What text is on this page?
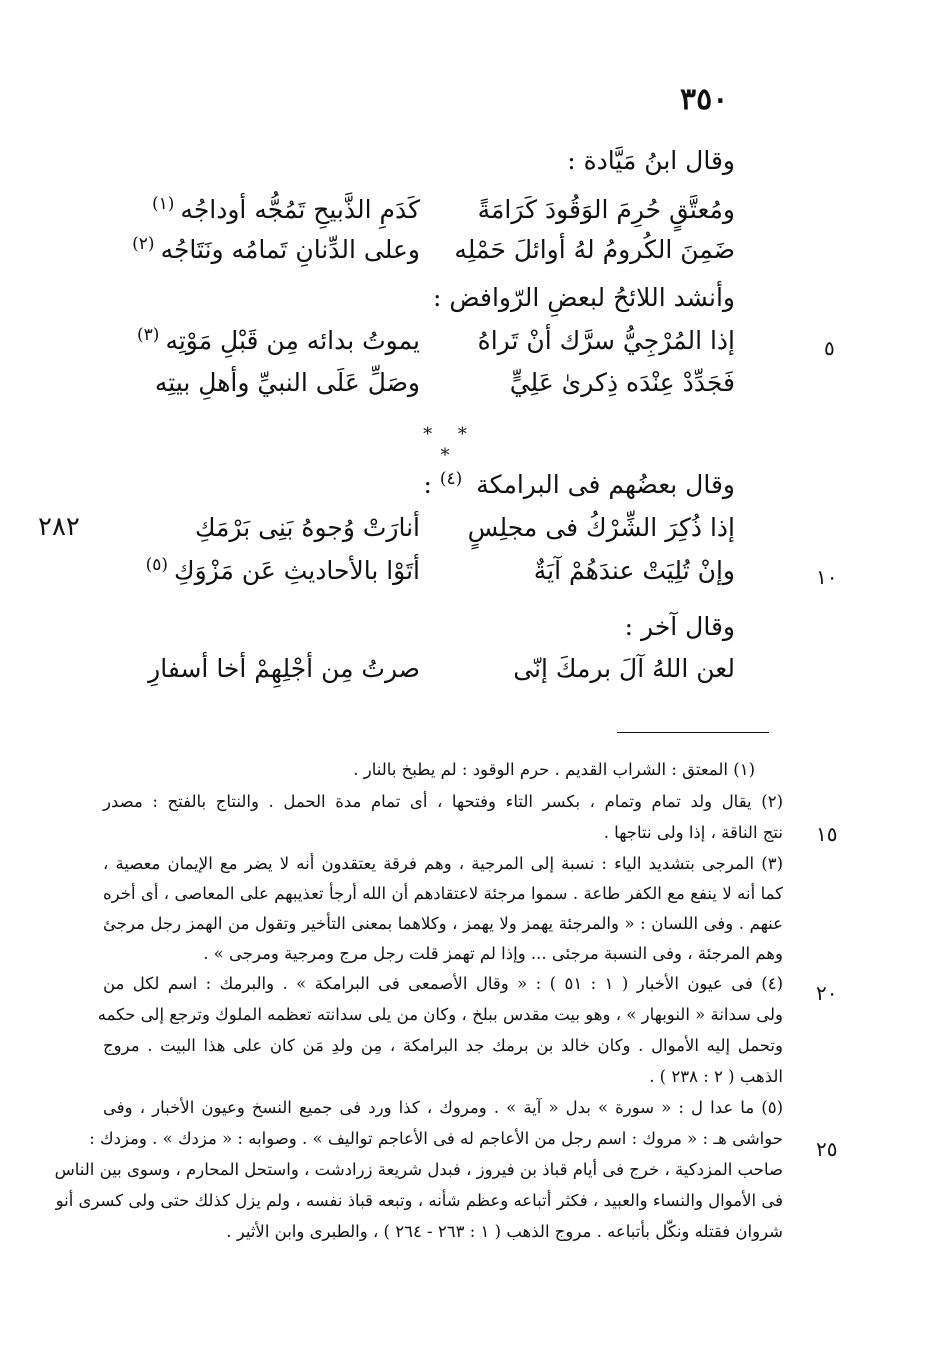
٣٥٠
وقال ابنُ مَيَّادة :
ومُعتَّقٍ حُرِمَ الوَقُودَ كَرَامَةً
كَدَمِ الذَّبيحِ تَمُجُّه أوداجُه$^{(١)}$
ضَمِنَ الكُرومُ لهُ أوائلَ حَمْلِه
وعلى الدِّنانِ تَمامُه ونَتَاجُه$^{(٢)}$
وأنشد اللائحُ لبعضِ الرّوافض :
إذا المُرْجِيُّ سرَّك أنْ تَراهُ
يموتُ بدائه مِن قَبْلِ مَوْتِه$^{(٣)}$
٥
فَجَدِّدْ عِنْدَه ذِكرىٰ عَلِيٍّ
وصَلِّ عَلَى النبيِّ وأهلِ بيتِه
* * *
وقال بعضُهم فى البرامكة $^{(٤)}$ :
إذا ذُكِرَ الشِّرْكُ فى مجلِسٍ
أنارَتْ وُجوهُ بَنِى بَرْمَكِ
٢٨٢
وإنْ تُلِيَتْ عندَهُمْ آيَةٌ
أتَوْا بالأحاديثِ عَن مَزْوَكِ$^{(٥)}$	١٠
وقال آخر :
لعن اللهُ آلَ برمكَ إنّى
صرتُ مِن أجْلِهِمْ أخا أسفارِ
(١) المعتق : الشراب القديم . حرم الوقود : لم يطبخ بالنار .
(٢) يقال ولد تمام وتمام ، بكسر التاء وفتحها ، أى تمام مدة الحمل . والنتاج بالفتح : مصدر
نتج الناقة ، إذا ولى نتاجها . ١٥
(٣) المرجى بتشديد الياء : نسبة إلى المرجية ، وهم فرقة يعتقدون أنه لا يضر مع الإيمان معصية ،
كما أنه لا ينفع مع الكفر طاعة . سموا مرجئة لاعتقادهم أن الله أرجأ تعذيبهم على المعاصى ، أى أخره
عنهم . وفى اللسان : « والمرجئة يهمز ولا يهمز ، وكلاهما بمعنى التأخير وتقول من الهمز رجل مرجئ
وهم المرجئة ، وفى النسبة مرجئى ... وإذا لم تهمز قلت رجل مرج ومرجية ومرجى » .
(٤) فى عيون الأخبار ( ١ : ٥١ ) : « وقال الأصمعى فى البرامكة » . والبرمك : اسم لكل من ٢٠
ولى سدانة « النوبهار » ، وهو بيت مقدس ببلخ ، وكان من يلى سدانته تعظمه الملوك وترجع إلى حكمه
وتحمل إليه الأموال . وكان خالد بن برمك جد البرامكة ، مِن ولدِ مَن كان على هذا البيت . مروج
الذهب ( ٢ : ٢٣٨ ) .
(٥) ما عدا ل : « سورة » بدل « آية » . ومروك ، كذا ورد فى جميع النسخ وعيون الأخبار ، وفى
حواشى هـ : « مروك : اسم رجل من الأعاجم له فى الأعاجم تواليف » . وصوابه : « مزدك » . ومزدك : ٢٥
صاحب المزدكية ، خرج فى أيام قباذ بن فيروز ، فبدل شريعة زرادشت ، واستحل المحارم ، وسوى بين الناس
فى الأموال والنساء والعبيد ، فكثر أتباعه وعظم شأنه ، وتبعه قباذ نفسه ، ولم يزل كذلك حتى ولى كسرى أنو
شروان فقتله ونكّل بأتباعه . مروج الذهب ( ١ : ٢٦٣ - ٢٦٤ ) ، والطبرى وابن الأثير .
